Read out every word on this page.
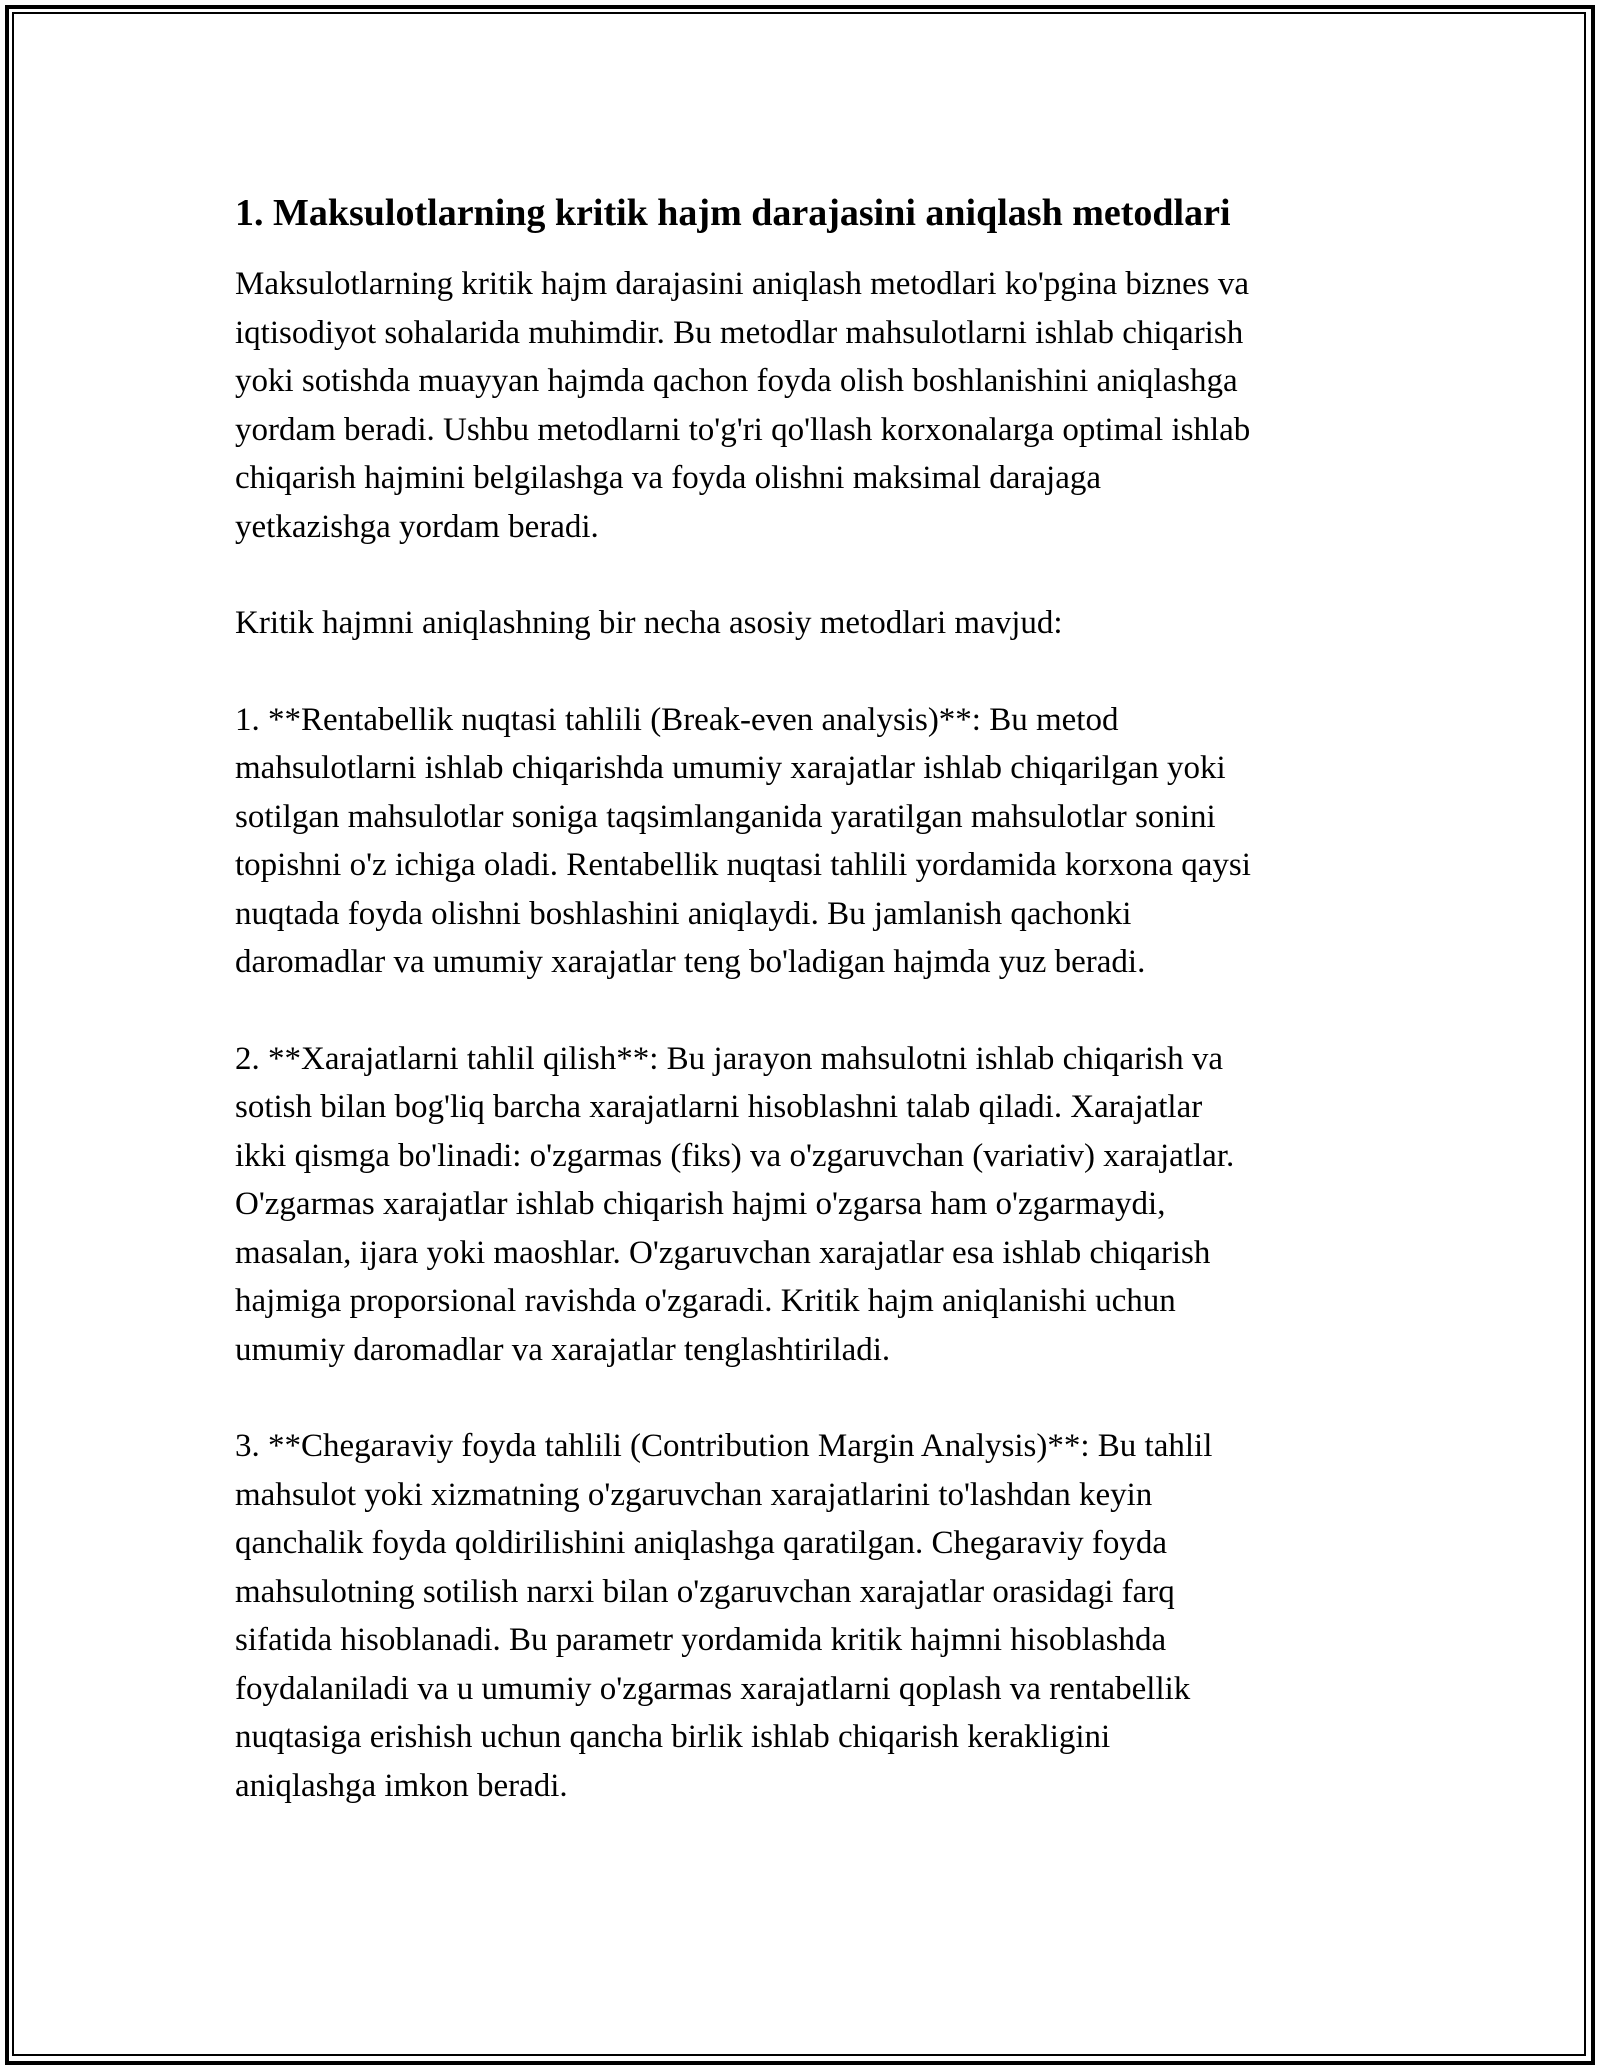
1. Maksulotlarning kritik hajm darajasini aniqlash metodlari

Maksulotlarning kritik hajm darajasini aniqlash metodlari ko'pgina biznes va
iqtisodiyot sohalarida muhimdir. Bu metodlar mahsulotlarni ishlab chiqarish
yoki sotishda muayyan hajmda qachon foyda olish boshlanishini aniqlashga
yordam beradi. Ushbu metodlarni to'g'ri qo'llash korxonalarga optimal ishlab
chiqarish hajmini belgilashga va foyda olishni maksimal darajaga
yetkazishga yordam beradi.

Kritik hajmni aniqlashning bir necha asosiy metodlari mavjud:

1. **Rentabellik nuqtasi tahlili (Break-even analysis)**: Bu metod
mahsulotlarni ishlab chiqarishda umumiy xarajatlar ishlab chiqarilgan yoki
sotilgan mahsulotlar soniga taqsimlanganida yaratilgan mahsulotlar sonini
topishni o'z ichiga oladi. Rentabellik nuqtasi tahlili yordamida korxona qaysi
nuqtada foyda olishni boshlashini aniqlaydi. Bu jamlanish qachonki
daromadlar va umumiy xarajatlar teng bo'ladigan hajmda yuz beradi.

2. **Xarajatlarni tahlil qilish**: Bu jarayon mahsulotni ishlab chiqarish va
sotish bilan bog'liq barcha xarajatlarni hisoblashni talab qiladi. Xarajatlar
ikki qismga bo'linadi: o'zgarmas (fiks) va o'zgaruvchan (variativ) xarajatlar.
O'zgarmas xarajatlar ishlab chiqarish hajmi o'zgarsa ham o'zgarmaydi,
masalan, ijara yoki maoshlar. O'zgaruvchan xarajatlar esa ishlab chiqarish
hajmiga proporsional ravishda o'zgaradi. Kritik hajm aniqlanishi uchun
umumiy daromadlar va xarajatlar tenglashtiriladi.

3. **Chegaraviy foyda tahlili (Contribution Margin Analysis)**: Bu tahlil
mahsulot yoki xizmatning o'zgaruvchan xarajatlarini to'lashdan keyin
qanchalik foyda qoldirilishini aniqlashga qaratilgan. Chegaraviy foyda
mahsulotning sotilish narxi bilan o'zgaruvchan xarajatlar orasidagi farq
sifatida hisoblanadi. Bu parametr yordamida kritik hajmni hisoblashda
foydalaniladi va u umumiy o'zgarmas xarajatlarni qoplash va rentabellik
nuqtasiga erishish uchun qancha birlik ishlab chiqarish kerakligini
aniqlashga imkon beradi.
